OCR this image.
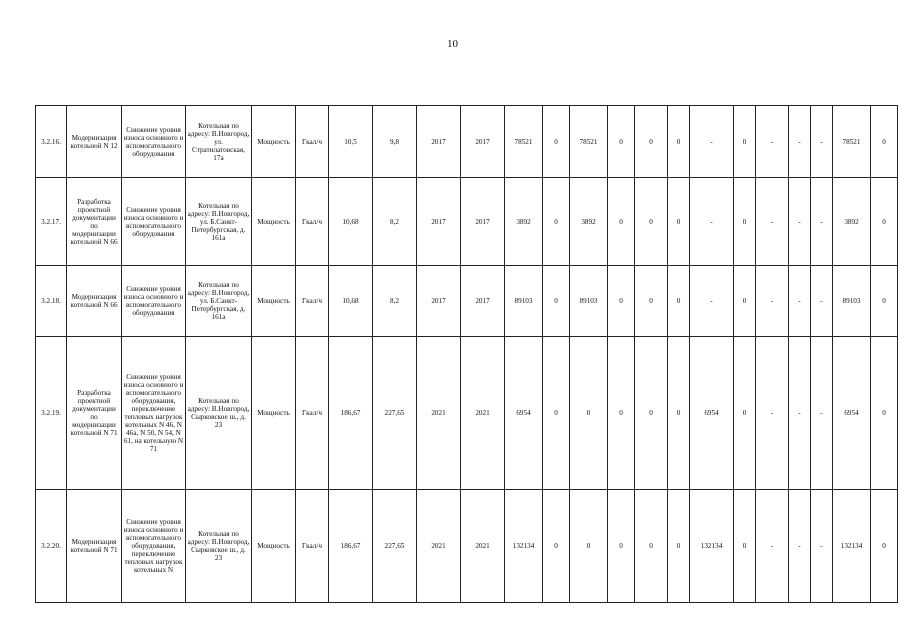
10
3.2.16.	Модернизация котельной N 12	Снижение уровня износа основного и вспомогательного оборудования	Котельная по адресу: В.Новгород, ул. Стратилатовская, 17а	Мощность	Гкал/ч	10,5	9,8	2017	2017	78521	0	78521	0	0	0	-	0	-	-	-	78521	0
3.2.17.	Разработка проектной документации по модернизации котельной N 66	Снижение уровня износа основного и вспомогательного оборудования	Котельная по адресу: В.Новгород, ул. Б.Санкт-Петербургская, д. 161а	Мощность	Гкал/ч	10,68	8,2	2017	2017	3892	0	3892	0	0	0	-	0	-	-	-	3892	0
3.2.18.	Модернизация котельной N 66	Снижение уровня износа основного и вспомогательного оборудования	Котельная по адресу: В.Новгород, ул. Б.Санкт-Петербургская, д. 161а	Мощность	Гкал/ч	10,68	8,2	2017	2017	89103	0	89103	0	0	0	-	0	-	-	-	89103	0
3.2.19.	Разработка проектной документации по модернизации котельной N 71	Снижение уровня износа основного и вспомогательного оборудования, переключение тепловых нагрузок котельных N 46, N 46а, N 50, N 54, N 61, на котельную N 71	Котельная по адресу: В.Новгород, Сырковское ш., д. 23	Мощность	Гкал/ч	186,67	227,65	2021	2021	6954	0	0	0	0	0	6954	0	-	-	-	6954	0
3.2.20.	Модернизация котельной N 71	Снижение уровня износа основного и вспомогательного оборудования, переключение тепловых нагрузок котельных N	Котельная по адресу: В.Новгород, Сырковское ш., д. 23	Мощность	Гкал/ч	186,67	227,65	2021	2021	132134	0	0	0	0	0	132134	0	-	-	-	132134	0
